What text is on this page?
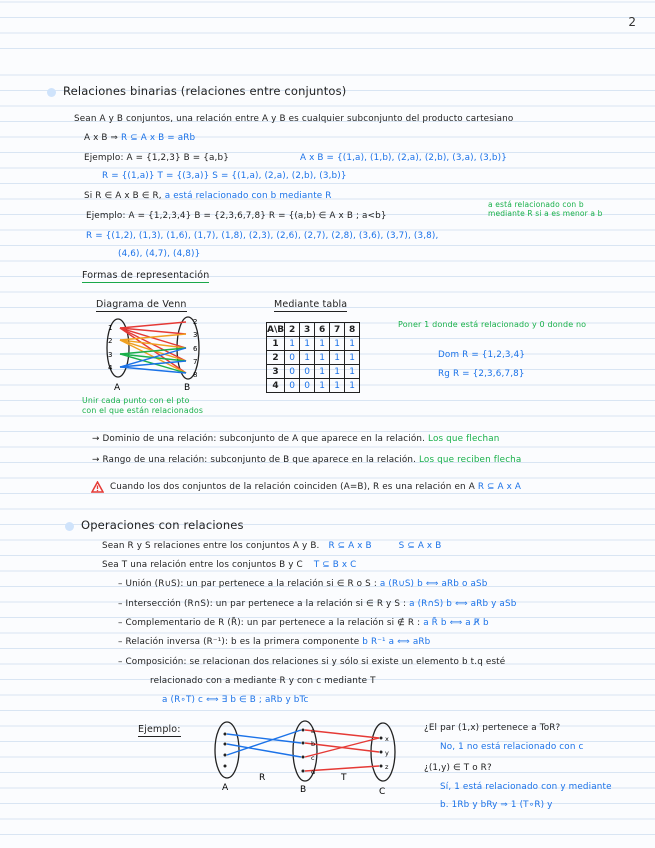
2
Relaciones binarias (relaciones entre conjuntos)
Sean A y B conjuntos, una relación entre A y B es cualquier subconjunto del producto cartesiano
A x B ⇒ R ⊆ A x B = aRb
Ejemplo: A = {1,2,3} B = {a,b}	A x B = {(1,a), (1,b), (2,a), (2,b), (3,a), (3,b)}
R = {(1,a)} T = {(3,a)} S = {(1,a), (2,a), (2,b), (3,b)}
Si R ∈ A x B ∈ R, a está relacionado con b mediante R
a está relacionado con b
mediante R si a es menor a b
Ejemplo: A = {1,2,3,4} B = {2,3,6,7,8} R = {(a,b) ∈ A x B ; a<b}
R = {(1,2), (1,3), (1,6), (1,7), (1,8), (2,3), (2,6), (2,7), (2,8), (3,6), (3,7), (3,8),
(4,6), (4,7), (4,8)}
Formas de representación
Diagrama de Venn	Mediante tabla
1
2
3
4
2
3
6
7
8
A	B
Unir cada punto con el pto
con el que están relacionados
A\B	2	3	6	7	8
1	1	1	1	1	1
2	0	1	1	1	1
3	0	0	1	1	1
4	0	0	1	1	1
Poner 1 donde está relacionado y 0 donde no
Dom R = {1,2,3,4}
Rg R = {2,3,6,7,8}
→ Dominio de una relación: subconjunto de A que aparece en la relación. Los que flechan
→ Rango de una relación: subconjunto de B que aparece en la relación. Los que reciben flecha
Cuando los dos conjuntos de la relación coinciden (A=B), R es una relación en A R ⊆ A x A
Operaciones con relaciones
Sean R y S relaciones entre los conjuntos A y B. R ⊆ A x B	S ⊆ A x B
Sea T una relación entre los conjuntos B y C T ⊆ B x C
– Unión (R∪S): un par pertenece a la relación si ∈ R o S : a (R∪S) b ⟺ aRb o aSb
– Intersección (R∩S): un par pertenece a la relación si ∈ R y S : a (R∩S) b ⟺ aRb y aSb
– Complementario de R (R̄): un par pertenece a la relación si ∉ R : a R̄ b ⟺ a R̸ b
– Relación inversa (R⁻¹): b es la primera componente b R⁻¹ a ⟺ aRb
– Composición: se relacionan dos relaciones si y sólo si existe un elemento b t.q esté
relacionado con a mediante R y con c mediante T
a (R∘T) c ⟺ ∃ b ∈ B ; aRb y bTc
Ejemplo:	a
b
c
d
x
y
z
A	B	C
R	T
¿El par (1,x) pertenece a ToR?
No, 1 no está relacionado con c
¿(1,y) ∈ T o R?
Sí, 1 está relacionado con y mediante
b. 1Rb y bRy ⇒ 1 (T∘R) y
